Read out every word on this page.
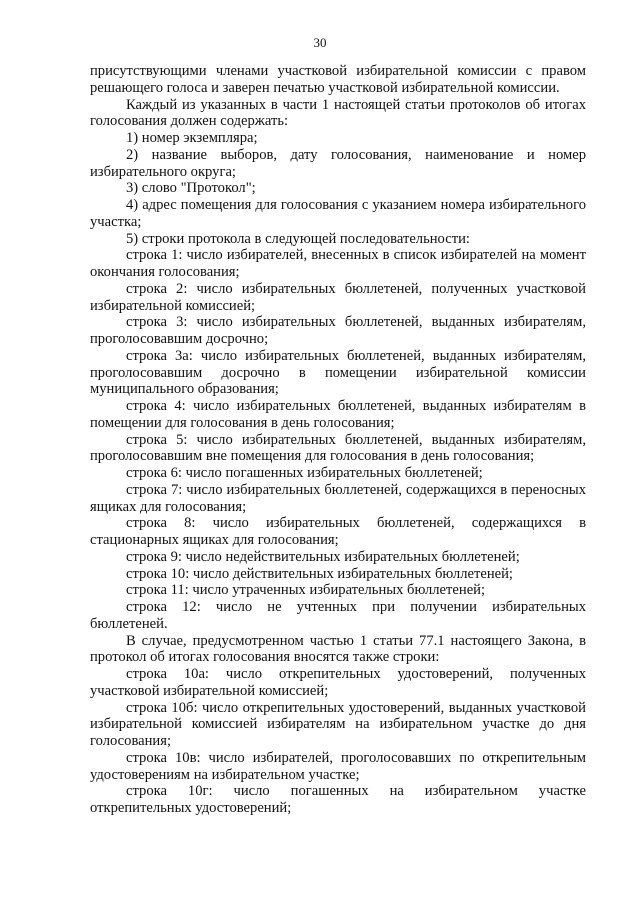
30

присутствующими членами участковой избирательной комиссии с правом решающего голоса и заверен печатью участковой избирательной комиссии.

Каждый из указанных в части 1 настоящей статьи протоколов об итогах голосования должен содержать:

1) номер экземпляра;

2) название выборов, дату голосования, наименование и номер избирательного округа;

3) слово "Протокол";

4) адрес помещения для голосования с указанием номера избирательного участка;

5) строки протокола в следующей последовательности:

строка 1: число избирателей, внесенных в список избирателей на момент окончания голосования;

строка 2: число избирательных бюллетеней, полученных участковой избирательной комиссией;

строка 3: число избирательных бюллетеней, выданных избирателям, проголосовавшим досрочно;

строка 3а: число избирательных бюллетеней, выданных избирателям, проголосовавшим досрочно в помещении избирательной комиссии муниципального образования;

строка 4: число избирательных бюллетеней, выданных избирателям в помещении для голосования в день голосования;

строка 5: число избирательных бюллетеней, выданных избирателям, проголосовавшим вне помещения для голосования в день голосования;

строка 6: число погашенных избирательных бюллетеней;

строка 7: число избирательных бюллетеней, содержащихся в переносных ящиках для голосования;

строка 8: число избирательных бюллетеней, содержащихся в стационарных ящиках для голосования;

строка 9: число недействительных избирательных бюллетеней;

строка 10: число действительных избирательных бюллетеней;

строка 11: число утраченных избирательных бюллетеней;

строка 12: число не учтенных при получении избирательных бюллетеней.

В случае, предусмотренном частью 1 статьи 77.1 настоящего Закона, в протокол об итогах голосования вносятся также строки:

строка 10а: число открепительных удостоверений, полученных участковой избирательной комиссией;

строка 10б: число открепительных удостоверений, выданных участковой избирательной комиссией избирателям на избирательном участке до дня голосования;

строка 10в: число избирателей, проголосовавших по открепительным удостоверениям на избирательном участке;

строка 10г: число погашенных на избирательном участке открепительных удостоверений;
